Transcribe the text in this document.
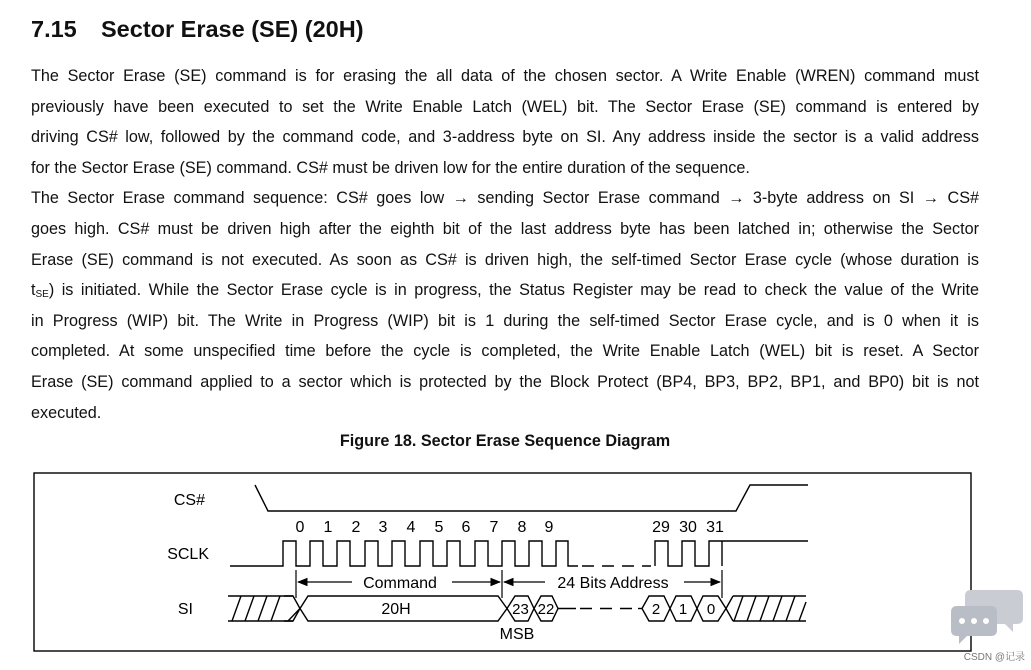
7.15 Sector Erase (SE) (20H)
The Sector Erase (SE) command is for erasing the all data of the chosen sector. A Write Enable (WREN) command must
previously have been executed to set the Write Enable Latch (WEL) bit. The Sector Erase (SE) command is entered by
driving CS# low, followed by the command code, and 3-address byte on SI. Any address inside the sector is a valid address
for the Sector Erase (SE) command. CS# must be driven low for the entire duration of the sequence.
The Sector Erase command sequence: CS# goes low → sending Sector Erase command → 3-byte address on SI → CS#
goes high. CS# must be driven high after the eighth bit of the last address byte has been latched in; otherwise the Sector
Erase (SE) command is not executed. As soon as CS# is driven high, the self-timed Sector Erase cycle (whose duration is
$t_{SE}$) is initiated. While the Sector Erase cycle is in progress, the Status Register may be read to check the value of the Write
in Progress (WIP) bit. The Write in Progress (WIP) bit is 1 during the self-timed Sector Erase cycle, and is 0 when it is
completed. At some unspecified time before the cycle is completed, the Write Enable Latch (WEL) bit is reset. A Sector
Erase (SE) command applied to a sector which is protected by the Block Protect (BP4, BP3, BP2, BP1, and BP0) bit is not
executed.
Figure 18. Sector Erase Sequence Diagram
CS#
SCLK
SI
0 1 2 3 4 5 6 7 8 9	29 30 31
Command	24 Bits Address
20H	23 22	2 1 0
MSB
CSDN @记录
